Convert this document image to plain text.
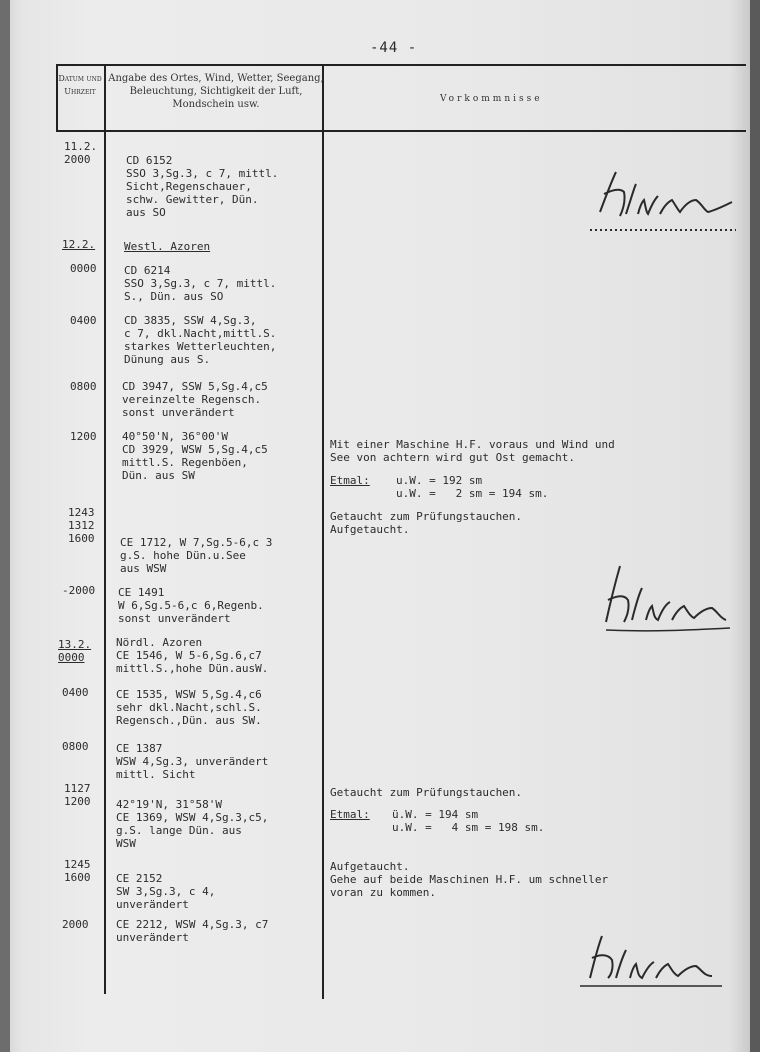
-44 -
Datum und Uhrzeit
Angabe des Ortes, Wind, Wetter, Seegang, Beleuchtung, Sichtigkeit der Luft, Mondschein usw.	Vorkommnisse
11.2.
2000
12.2.
0000
0400
0800
1200
1243
1312
1600
-2000
13.2.
0000
0400
0800
1127
1200
1245
1600
2000
CD 6152
SSO 3,Sg.3, c 7, mittl.
Sicht,Regenschauer,
schw. Gewitter, Dün.
aus SO
Westl. Azoren
CD 6214
SSO 3,Sg.3, c 7, mittl.
S., Dün. aus SO
CD 3835, SSW 4,Sg.3,
c 7, dkl.Nacht,mittl.S.
starkes Wetterleuchten,
Dünung aus S.
CD 3947, SSW 5,Sg.4,c5
vereinzelte Regensch.
sonst unverändert
40°50'N, 36°00'W
CD 3929, WSW 5,Sg.4,c5
mittl.S. Regenböen,
Dün. aus SW
CE 1712, W 7,Sg.5-6,c 3
g.S. hohe Dün.u.See
aus WSW
CE 1491
W 6,Sg.5-6,c 6,Regenb.
sonst unverändert
Nördl. Azoren
CE 1546, W 5-6,Sg.6,c7
mittl.S.,hohe Dün.ausW.
CE 1535, WSW 5,Sg.4,c6
sehr dkl.Nacht,schl.S.
Regensch.,Dün. aus SW.
CE 1387
WSW 4,Sg.3, unverändert
mittl. Sicht
42°19'N, 31°58'W
CE 1369, WSW 4,Sg.3,c5,
g.S. lange Dün. aus
WSW
CE 2152
SW 3,Sg.3, c 4,
unverändert
CE 2212, WSW 4,Sg.3, c7
unverändert
Mit einer Maschine H.F. voraus und Wind und
See von achtern wird gut Ost gemacht.
Etmal: u.W. = 192 sm
u.W. =   2 sm = 194 sm.
Getaucht zum Prüfungstauchen.
Aufgetaucht.
Getaucht zum Prüfungstauchen.
Etmal: ü.W. = 194 sm
u.W. =   4 sm = 198 sm.
Aufgetaucht.
Gehe auf beide Maschinen H.F. um schneller
voran zu kommen.
